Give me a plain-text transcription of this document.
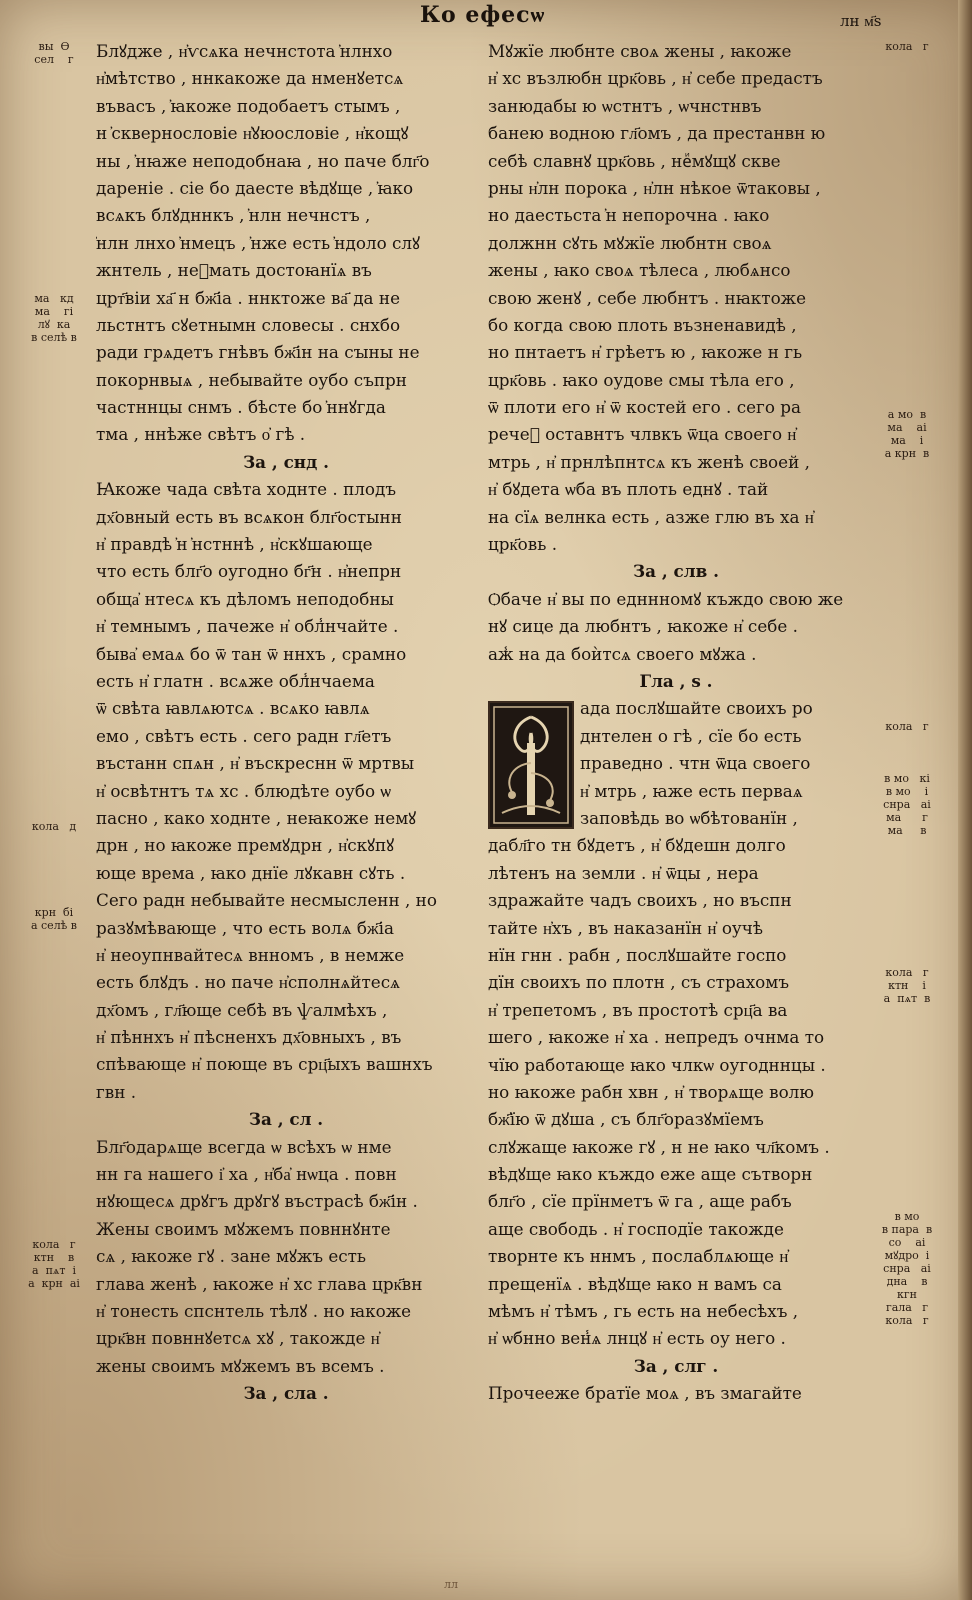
Ко ефесѡ	лн м҃ѕ
вы  Ѳ
сел    г
ма   кд
ма    гі
лꙋ  ка
в селѣ в
кола   д
крн  бі
а селѣ в
кола   г
ктн    в
а  пѧт  і
а  крн  аі
кола   г
а мо  в
ма    аі
ма    і
а крн  в
кола   г
в мо   кі
в мо    і
снра   аі
ма      г
ма     в
кола   г
ктн    і
а  пѧт  в
в мо
в пара  в
со    аі
мꙋдро  і
снра   аі
дна    в
кгн
гала   г
кола   г
Блꙋдже , н҆ѵсѧка нечнстота ҆нлнхо
н҆мѣтство , ннкакоже да нменꙋетсѧ
въвасъ , ҆ꙗкоже подобаетъ стымъ ,
н ҆сквернословіе н҆ꙋюословіе , н҆кощꙋ
ны , ҆нꙗже неподобнаꙗ , но паче блг҃о
дареніе . сіе бо даесте вѣдꙋще , ҆ꙗко
всѧкъ блꙋдннкъ , ҆нлн нечнстъ ,
҆нлн лнхо ҆нмецъ , ҆нже есть ҆ндоло слꙋ
жнтель , неꙵмать достоꙗнїѧ въ
црт҃віи ха҃ н бж҃іа . ннктоже ва҃ да не
льстнтъ сꙋетнымн словесы . снхбо
ради грѧдетъ гнѣвъ бж҃ін на сꙑны не
покорнвыѧ , небывайте оубо съпрн
частннцы снмъ . бѣсте бо ҆ннꙋгда
тма , ннѣже свѣтъ о҆ гѣ .
За , снд .
Ꙗкоже чада свѣта ходнте . плодъ
дх҃овный есть въ всѧкон блг҃остынн
н҆ правдѣ ҆н ҆нстннѣ , н҆скꙋшающе
что есть блг҃о оугодно бг҃н . н҆непрн
обща҆ нтесѧ къ дѣломъ неподобны
н҆ темнымъ , пачеже н҆ обл̾нчайте .
быва҆ емаѧ бо ѿ тан ѿ ннхъ , срамно
есть н҆ глатн . всѧже обл̾нчаема
ѿ свѣта ꙗвлѧютсѧ . всѧко ꙗвлѧ
емо , свѣтъ есть . сего радн гл҃етъ
въстанн спѧн , н҆ въскреснн ѿ мртвы
н҆ освѣтнтъ тѧ хс . блюдѣте оубо ѡ
пасно , како ходнте , неꙗкоже немꙋ
дрн , но ꙗкоже премꙋдрн , н҆скꙋпꙋ
юще врема , ꙗко днїе лꙋкавн сꙋть .
Сего радн небывайте несмысленн , но
разꙋмѣвающе , что есть волѧ бж҃іа
н҆ неоупнвайтесѧ внномъ , в немже
есть блꙋдъ . но паче н҆сполнѧйтесѧ
дх҃омъ , гл҃юще себѣ въ ѱалмѣхъ ,
н҆ пѣннхъ н҆ пѣсненхъ дх҃овныхъ , въ
спѣвающе н҆ поюще въ срц҃ыхъ вашнхъ
гвн .
За , сл .
Блг҃одарѧще всегда ѡ всѣхъ ѡ нме
нн га нашего і҆ ха , н҆ба҆ нѡца . повн
нꙋющесѧ дрꙋгъ дрꙋгꙋ въстрасѣ бж҃ін .
Жены своимъ мꙋжемъ повннꙋнтe
сѧ , ꙗкоже гꙋ . зане мꙋжъ есть
глава женѣ , ꙗкоже н҆ хс глава црк҃вн
н҆ тонесть спснтель тѣлꙋ . но ꙗкоже
црк҃вн повннꙋетсѧ хꙋ , такожде н҆
жены своимъ мꙋжемъ въ всемъ .
За , сла .
Мꙋжїе любнте своѧ жены , ꙗкоже
н҆ хс възлюбн црк҃овь , н҆ себе предастъ
занюдабы ю ѡстнтъ , ѡчнстнвъ
банею водною гл҃омъ , да престанвн ю
себѣ славнꙋ црк҃овь , неꙵмꙋщꙋ скве
рны н҆лн порока , н҆лн нѣкое ѿтаковы ,
но даестьста ҆н непорочна . ꙗко
должнн сꙋть мꙋжїе любнтн своѧ
жены , ꙗко своѧ тѣлеса , любѧнсо
свою женꙋ , себе любнтъ . нꙗктоже
бо когда свою плоть възненавидѣ ,
но пнтаетъ н҆ грѣетъ ю , ꙗкоже н гь
црк҃овь . ꙗко оудове смы тѣла его ,
ѿ плоти его н҆ ѿ костей его . сего ра
речеꙵ оставнтъ члвкъ ѿца своего н҆
мтрь , н҆ прнлѣпнтсѧ къ женѣ своей ,
н҆ бꙋдета ѡба въ плоть еднꙋ . тай
на сїѧ велнка есть , азже глю въ ха н҆
црк҃овь .
За , слв .
Ѻбаче н҆ вы по едннномꙋ къждо свою же
нꙋ сице да любнтъ , ꙗкоже н҆ себе .
аж̾ на да боѝтсѧ своего мꙋжа .
Гла , ѕ .
ада послꙋшайте своихъ ро
днтелен о гѣ , сїе бо есть
праведно . чтн ѿца своего
н҆ мтрь , ꙗже есть перваѧ
заповѣдь во ѡбѣтованїн ,
дабл҃го тн бꙋдетъ , н҆ бꙋдешн долго
лѣтенъ на земли . н҆ ѿцы , нера
здражайте чадъ своихъ , но въспн
тайте н҆хъ , въ наказанїн н҆ оучѣ
нїн гнн . рабн , послꙋшайте госпо
дїн своихъ по плотн , съ страхомъ
н҆ трепетомъ , въ простотѣ срц҃а ва
шего , ꙗкоже н҆ ха . непредъ очнма то
чїю работающе ꙗко члкѡ оугодннцы .
но ꙗкоже рабн хвн , н҆ творѧще волю
бж҃їю ѿ дꙋша , съ блг҃оразꙋмїемъ
слꙋжаще ꙗкоже гꙋ , н не ꙗко чл҃комъ .
вѣдꙋще ꙗко къждо еже аще сътворн
блг҃о , сїе прїнметъ ѿ га , аще рабъ
аще свободь . н҆ господїе такожде
творнте къ ннмъ , послаблѧюще н҆
прещенїѧ . вѣдꙋще ꙗко н вамъ са
мѣмъ н҆ тѣмъ , гь есть на небесѣхъ ,
н҆ ѡбнно вен̾ѧ лнцꙋ н҆ есть оу него .
За , слг .
Прочееже братїе моѧ , въ змагайте
лл
